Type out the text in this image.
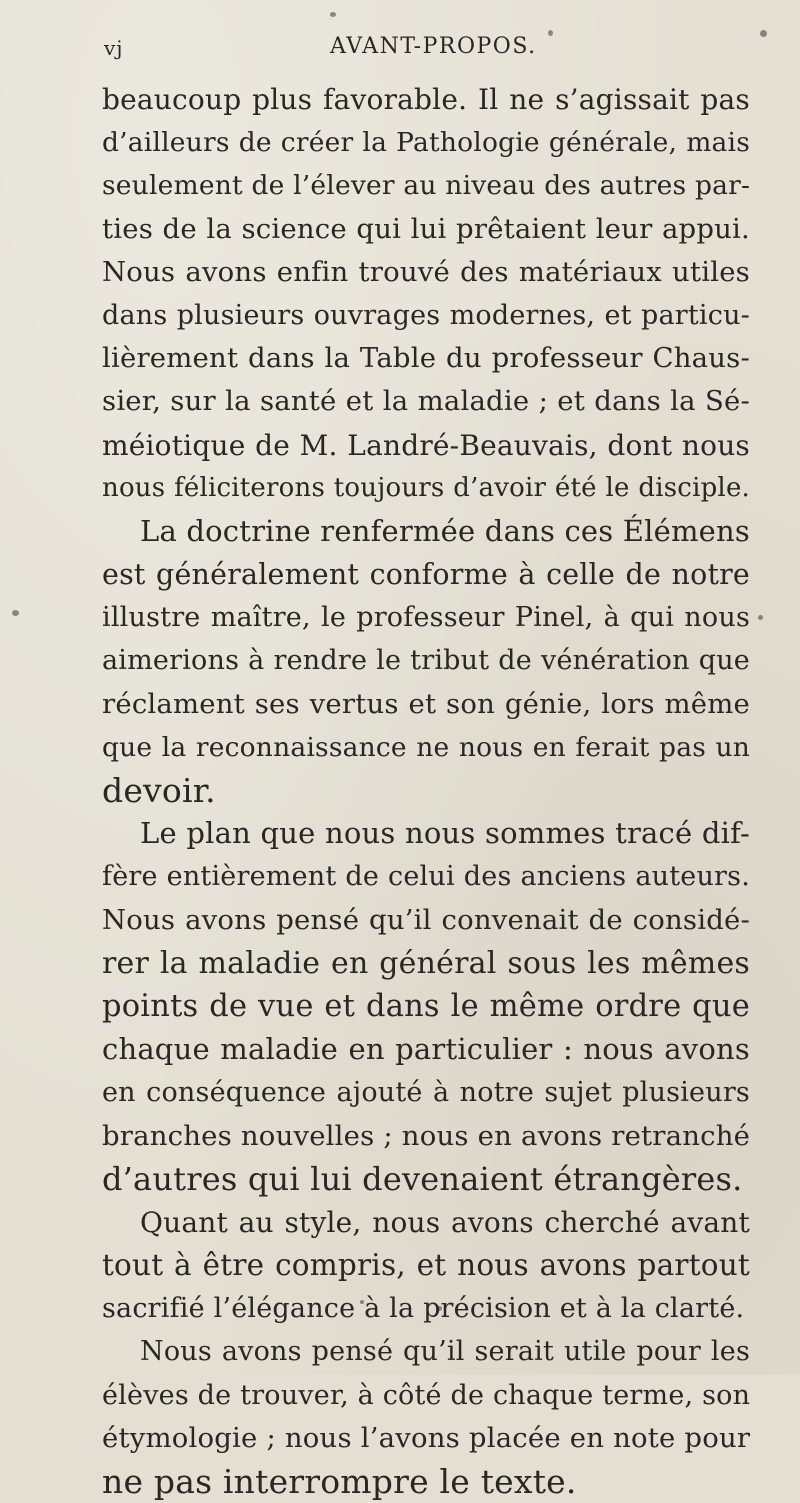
vj	AVANT-PROPOS.
beaucoup plus favorable. Il ne s’agissait pas
d’ailleurs de créer la Pathologie générale, mais
seulement de l’élever au niveau des autres par-
ties de la science qui lui prêtaient leur appui.
Nous avons enfin trouvé des matériaux utiles
dans plusieurs ouvrages modernes, et particu-
lièrement dans la Table du professeur Chaus-
sier, sur la santé et la maladie ; et dans la Sé-
méiotique de M. Landré-Beauvais, dont nous
nous féliciterons toujours d’avoir été le disciple.
La doctrine renfermée dans ces Élémens
est généralement conforme à celle de notre
illustre maître, le professeur Pinel, à qui nous
aimerions à rendre le tribut de vénération que
réclament ses vertus et son génie, lors même
que la reconnaissance ne nous en ferait pas un
devoir.
Le plan que nous nous sommes tracé dif-
fère entièrement de celui des anciens auteurs.
Nous avons pensé qu’il convenait de considé-
rer la maladie en général sous les mêmes
points de vue et dans le même ordre que
chaque maladie en particulier : nous avons
en conséquence ajouté à notre sujet plusieurs
branches nouvelles ; nous en avons retranché
d’autres qui lui devenaient étrangères.
Quant au style, nous avons cherché avant
tout à être compris, et nous avons partout
sacrifié l’élégance à la précision et à la clarté.
Nous avons pensé qu’il serait utile pour les
élèves de trouver, à côté de chaque terme, son
étymologie ; nous l’avons placée en note pour
ne pas interrompre le texte.
